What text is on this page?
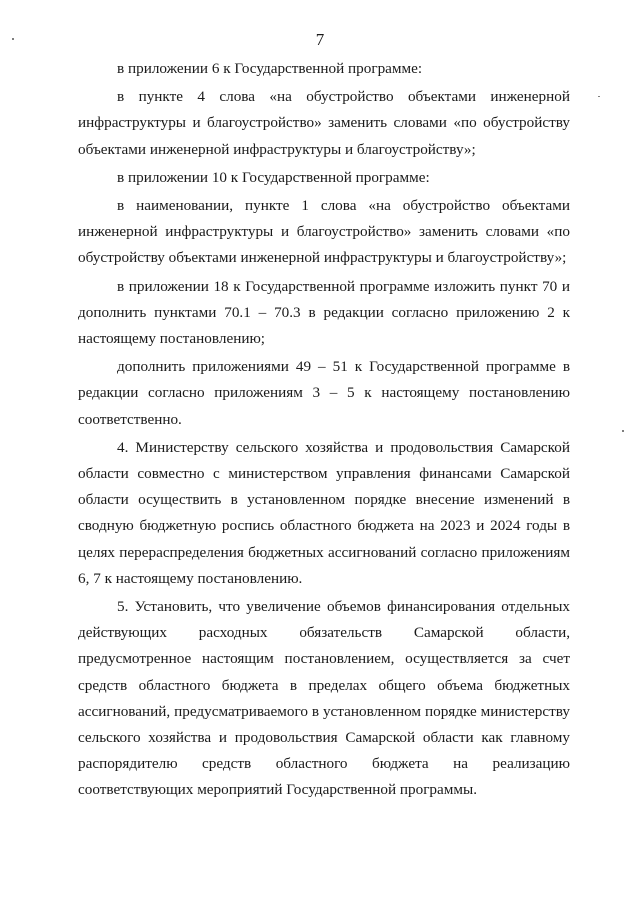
7

в приложении 6 к Государственной программе:

в пункте 4 слова «на обустройство объектами инженерной инфраструктуры и благоустройство» заменить словами «по обустройству объектами инженерной инфраструктуры и благоустройству»;

в приложении 10 к Государственной программе:

в наименовании, пункте 1 слова «на обустройство объектами инженерной инфраструктуры и благоустройство» заменить словами «по обустройству объектами инженерной инфраструктуры и благоустройству»;

в приложении 18 к Государственной программе изложить пункт 70 и дополнить пунктами 70.1 – 70.3 в редакции согласно приложению 2 к настоящему постановлению;

дополнить приложениями 49 – 51 к Государственной программе в редакции согласно приложениям 3 – 5 к настоящему постановлению соответственно.

4. Министерству сельского хозяйства и продовольствия Самарской области совместно с министерством управления финансами Самарской области осуществить в установленном порядке внесение изменений в сводную бюджетную роспись областного бюджета на 2023 и 2024 годы в целях перераспределения бюджетных ассигнований согласно приложениям 6, 7 к настоящему постановлению.

5. Установить, что увеличение объемов финансирования отдельных действующих расходных обязательств Самарской области, предусмотренное настоящим постановлением, осуществляется за счет средств областного бюджета в пределах общего объема бюджетных ассигнований, предусматриваемого в установленном порядке министерству сельского хозяйства и продовольствия Самарской области как главному распорядителю средств областного бюджета на реализацию соответствующих мероприятий Государственной программы.
